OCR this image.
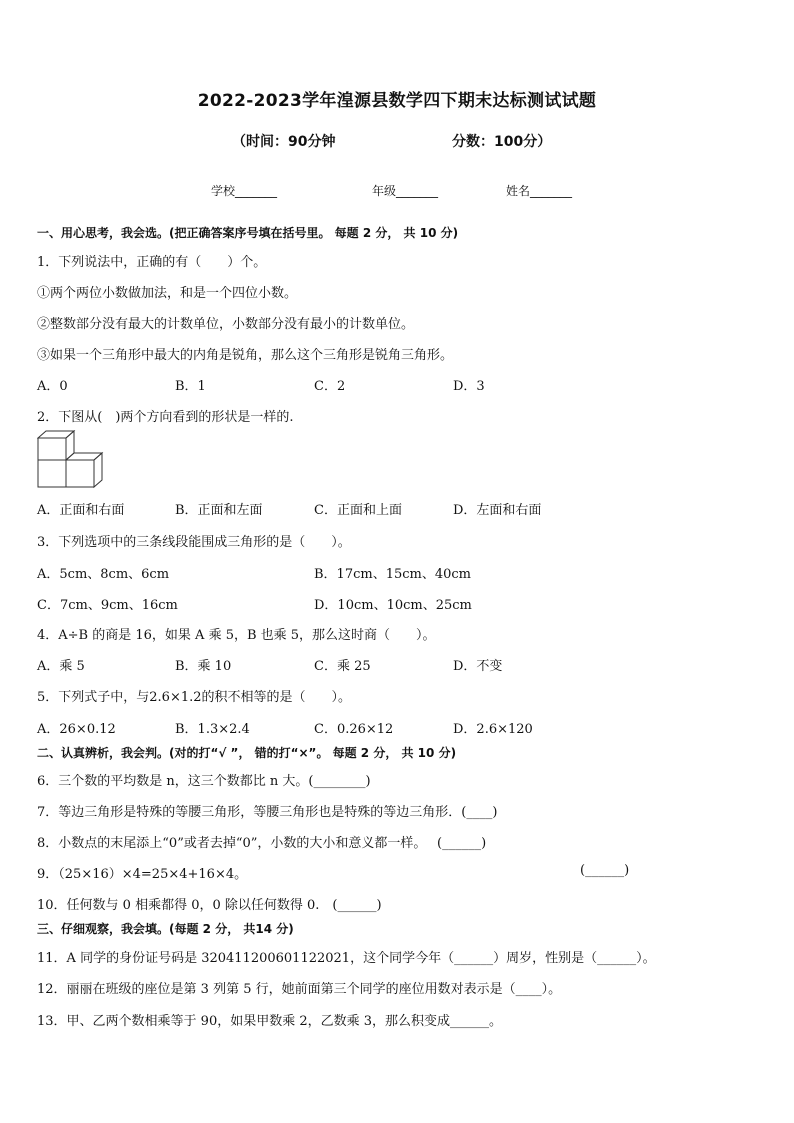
2022-2023学年湟源县数学四下期末达标测试试题
（时间：90分钟	分数：100分）
学校_______	年级_______	姓名_______
一、用心思考，我会选。(把正确答案序号填在括号里。 每题 2 分， 共 10 分)
1．下列说法中，正确的有（　　）个。
①两个两位小数做加法，和是一个四位小数。
②整数部分没有最大的计数单位，小数部分没有最小的计数单位。
③如果一个三角形中最大的内角是锐角，那么这个三角形是锐角三角形。
A．0	B．1	C．2	D．3
2．下图从(　)两个方向看到的形状是一样的.
A．正面和右面	B．正面和左面	C．正面和上面	D．左面和右面
3．下列选项中的三条线段能围成三角形的是（　　）。
A．5cm、8cm、6cm	B．17cm、15cm、40cm
C．7cm、9cm、16cm	D．10cm、10cm、25cm
4．A÷B 的商是 16，如果 A 乘 5，B 也乘 5，那么这时商（　　）。
A．乘 5	B．乘 10	C．乘 25	D．不变
5．下列式子中，与2.6×1.2的积不相等的是（　　）。
A．26×0.12	B．1.3×2.4	C．0.26×12	D．2.6×120
二、认真辨析，我会判。(对的打“√ ”， 错的打“×”。 每题 2 分， 共 10 分)
6．三个数的平均数是 n，这三个数都比 n 大。(________)
7．等边三角形是特殊的等腰三角形，等腰三角形也是特殊的等边三角形．(____)
8．小数点的末尾添上“0”或者去掉“0”，小数的大小和意义都一样。　 (______)
9．（25×16）×4=25×4+16×4。	(______)
10．任何数与 0 相乘都得 0，0 除以任何数得 0.　(______)
三、仔细观察，我会填。(每题 2 分， 共14 分)
11．A 同学的身份证号码是 320411200601122021，这个同学今年（______）周岁，性别是（______）。
12．丽丽在班级的座位是第 3 列第 5 行，她前面第三个同学的座位用数对表示是（____）。
13．甲、乙两个数相乘等于 90，如果甲数乘 2，乙数乘 3，那么积变成______。
